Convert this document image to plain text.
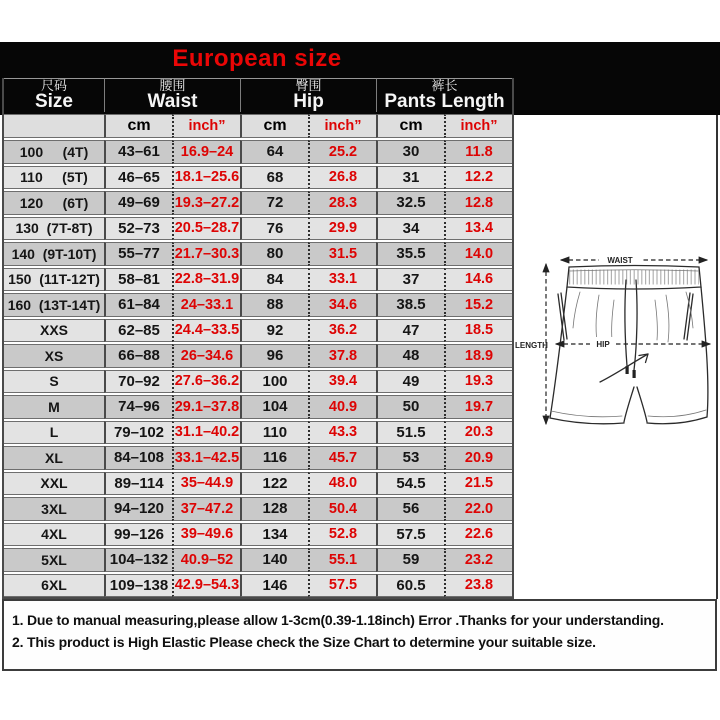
European size
尺码
Size
腰围
Waist
臀围
Hip
裤长
Pants Length
cm	inch”	cm	inch”	cm	inch”
100     (4T)	43–61	16.9–24	64	25.2	30	11.8
110     (5T)	46–65	18.1–25.6	68	26.8	31	12.2
120     (6T)	49–69	19.3–27.2	72	28.3	32.5	12.8
130  (7T-8T)	52–73	20.5–28.7	76	29.9	34	13.4
140  (9T-10T)	55–77	21.7–30.3	80	31.5	35.5	14.0
150  (11T-12T)	58–81	22.8–31.9	84	33.1	37	14.6
160  (13T-14T)	61–84	24–33.1	88	34.6	38.5	15.2
XXS	62–85	24.4–33.5	92	36.2	47	18.5
XS	66–88	26–34.6	96	37.8	48	18.9
S	70–92	27.6–36.2	100	39.4	49	19.3
M	74–96	29.1–37.8	104	40.9	50	19.7
L	79–102 31.1–40.2	110	43.3	51.5	20.3
XL	84–108 33.1–42.5	116	45.7	53	20.9
XXL	89–114	35–44.9	122	48.0	54.5	21.5
3XL	94–120	37–47.2	128	50.4	56	22.0
4XL	99–126	39–49.6	134	52.8	57.5	22.6
5XL	104–132 40.9–52	140	55.1	59	23.2
6XL	109–138 42.9–54.3	146	57.5	60.5	23.8
WAIST
LENGTH	HIP
1. Due to manual measuring,please allow 1-3cm(0.39-1.18inch) Error .Thanks for your understanding.
2. This product is High Elastic Please check the Size Chart to determine your suitable size.
